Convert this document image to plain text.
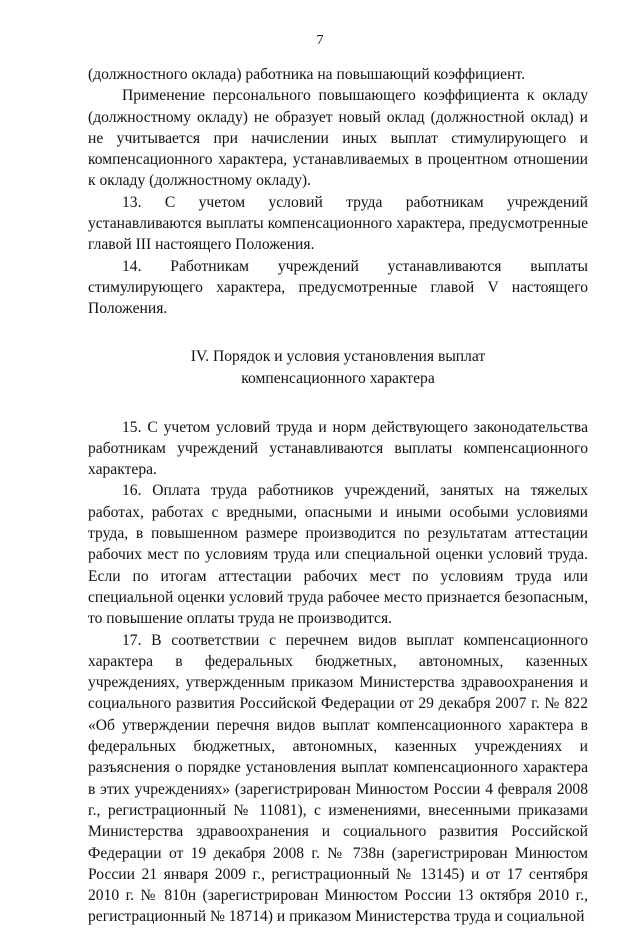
7

(должностного оклада) работника на повышающий коэффициент.

Применение персонального повышающего коэффициента к окладу (должностному окладу) не образует новый оклад (должностной оклад) и не учитывается при начислении иных выплат стимулирующего и компенсационного характера, устанавливаемых в процентном отношении к окладу (должностному окладу).

13. С учетом условий труда работникам учреждений устанавливаются выплаты компенсационного характера, предусмотренные главой III настоящего Положения.

14. Работникам учреждений устанавливаются выплаты стимулирующего характера, предусмотренные главой V настоящего Положения.

IV. Порядок и условия установления выплат
компенсационного характера

15. С учетом условий труда и норм действующего законодательства работникам учреждений устанавливаются выплаты компенсационного характера.

16. Оплата труда работников учреждений, занятых на тяжелых работах, работах с вредными, опасными и иными особыми условиями труда, в повышенном размере производится по результатам аттестации рабочих мест по условиям труда или специальной оценки условий труда. Если по итогам аттестации рабочих мест по условиям труда или специальной оценки условий труда рабочее место признается безопасным, то повышение оплаты труда не производится.

17. В соответствии с перечнем видов выплат компенсационного характера в федеральных бюджетных, автономных, казенных учреждениях, утвержденным приказом Министерства здравоохранения и социального развития Российской Федерации от 29 декабря 2007 г. № 822 «Об утверждении перечня видов выплат компенсационного характера в федеральных бюджетных, автономных, казенных учреждениях и разъяснения о порядке установления выплат компенсационного характера в этих учреждениях» (зарегистрирован Минюстом России 4 февраля 2008 г., регистрационный № 11081), с изменениями, внесенными приказами Министерства здравоохранения и социального развития Российской Федерации от 19 декабря 2008 г. № 738н (зарегистрирован Минюстом России 21 января 2009 г., регистрационный № 13145) и от 17 сентября 2010 г. № 810н (зарегистрирован Минюстом России 13 октября 2010 г., регистрационный № 18714) и приказом Министерства труда и социальной
